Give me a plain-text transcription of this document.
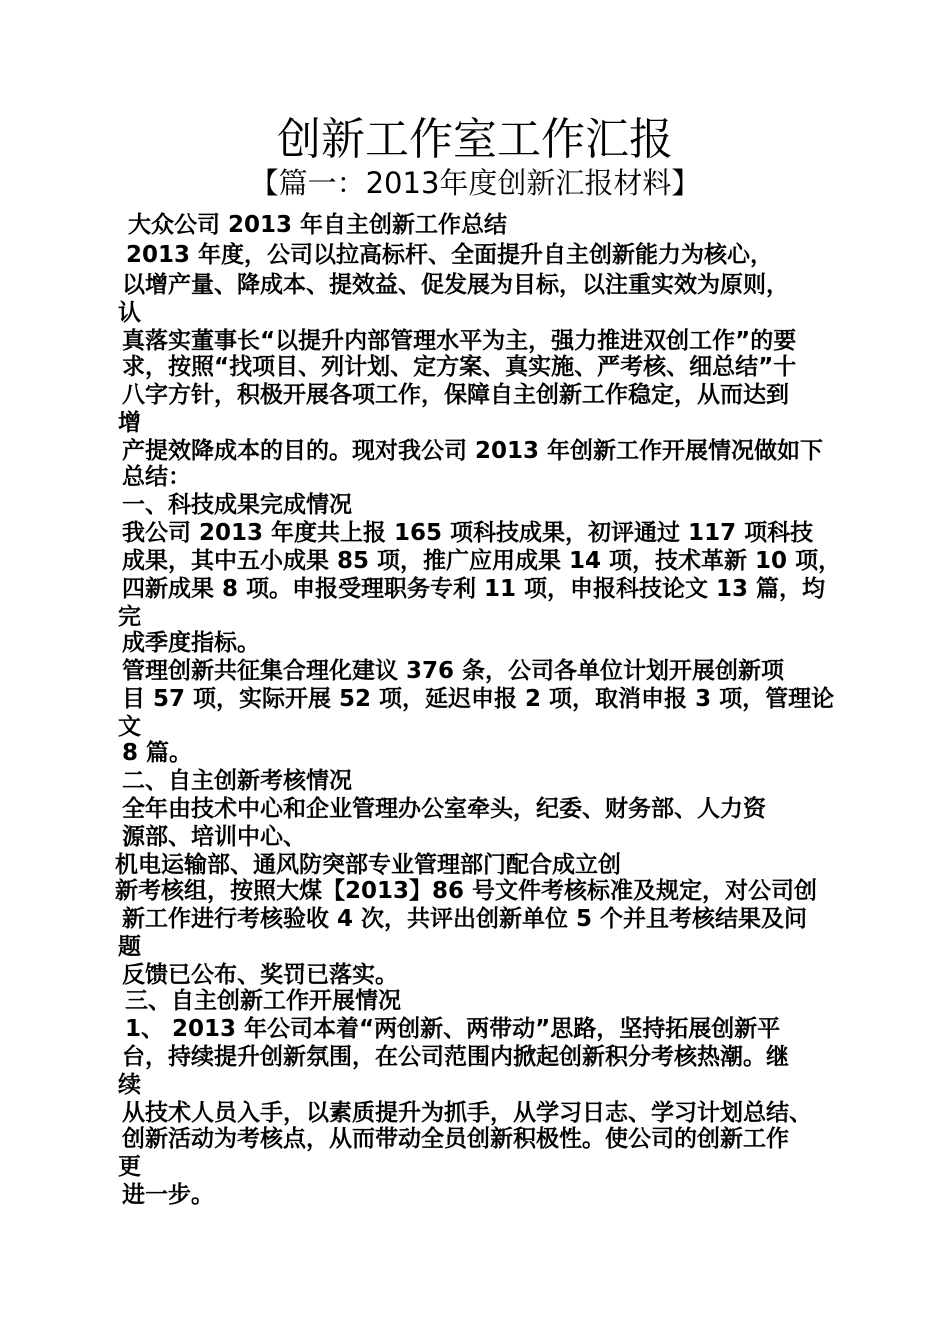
创新工作室工作汇报
【篇一：2013年度创新汇报材料】
大众公司 2013 年自主创新工作总结
2013 年度，公司以拉高标杆、全面提升自主创新能力为核心，
以增产量、降成本、提效益、促发展为目标，以注重实效为原则，
认
真落实董事长“以提升内部管理水平为主，强力推进双创工作”的要
求，按照“找项目、列计划、定方案、真实施、严考核、细总结”十
八字方针，积极开展各项工作，保障自主创新工作稳定，从而达到
增
产提效降成本的目的。现对我公司 2013 年创新工作开展情况做如下
总结：
一、科技成果完成情况
我公司 2013 年度共上报 165 项科技成果，初评通过 117 项科技
成果，其中五小成果 85 项，推广应用成果 14 项，技术革新 10 项，
四新成果 8 项。申报受理职务专利 11 项，申报科技论文 13 篇，均
完
成季度指标。
管理创新共征集合理化建议 376 条，公司各单位计划开展创新项
目 57 项，实际开展 52 项，延迟申报 2 项，取消申报 3 项，管理论
文
8 篇。
二、自主创新考核情况
全年由技术中心和企业管理办公室牵头，纪委、财务部、人力资
源部、培训中心、
机电运输部、通风防突部专业管理部门配合成立创
新考核组，按照大煤【2013】86 号文件考核标准及规定，对公司创
新工作进行考核验收 4 次，共评出创新单位 5 个并且考核结果及问
题
反馈已公布、奖罚已落实。
三、自主创新工作开展情况
1、 2013 年公司本着“两创新、两带动”思路，坚持拓展创新平
台，持续提升创新氛围，在公司范围内掀起创新积分考核热潮。继
续
从技术人员入手，以素质提升为抓手，从学习日志、学习计划总结、
创新活动为考核点，从而带动全员创新积极性。使公司的创新工作
更
进一步。
